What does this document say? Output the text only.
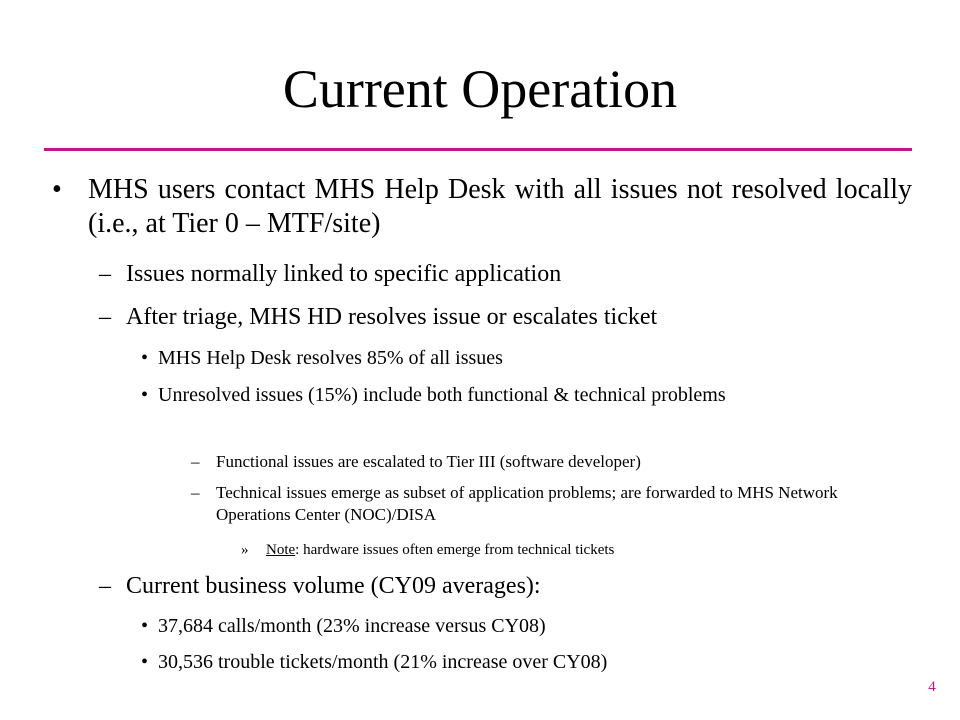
Current Operation

• MHS users contact MHS Help Desk with all issues not resolved locally (i.e., at Tier 0 – MTF/site)

– Issues normally linked to specific application

– After triage, MHS HD resolves issue or escalates ticket

• MHS Help Desk resolves 85% of all issues

• Unresolved issues (15%) include both functional & technical problems

– Functional issues are escalated to Tier III (software developer)

– Technical issues emerge as subset of application problems; are forwarded to MHS Network Operations Center (NOC)/DISA

» Note: hardware issues often emerge from technical tickets

– Current business volume (CY09 averages):

• 37,684 calls/month (23% increase versus CY08)

• 30,536 trouble tickets/month (21% increase over CY08)

4
